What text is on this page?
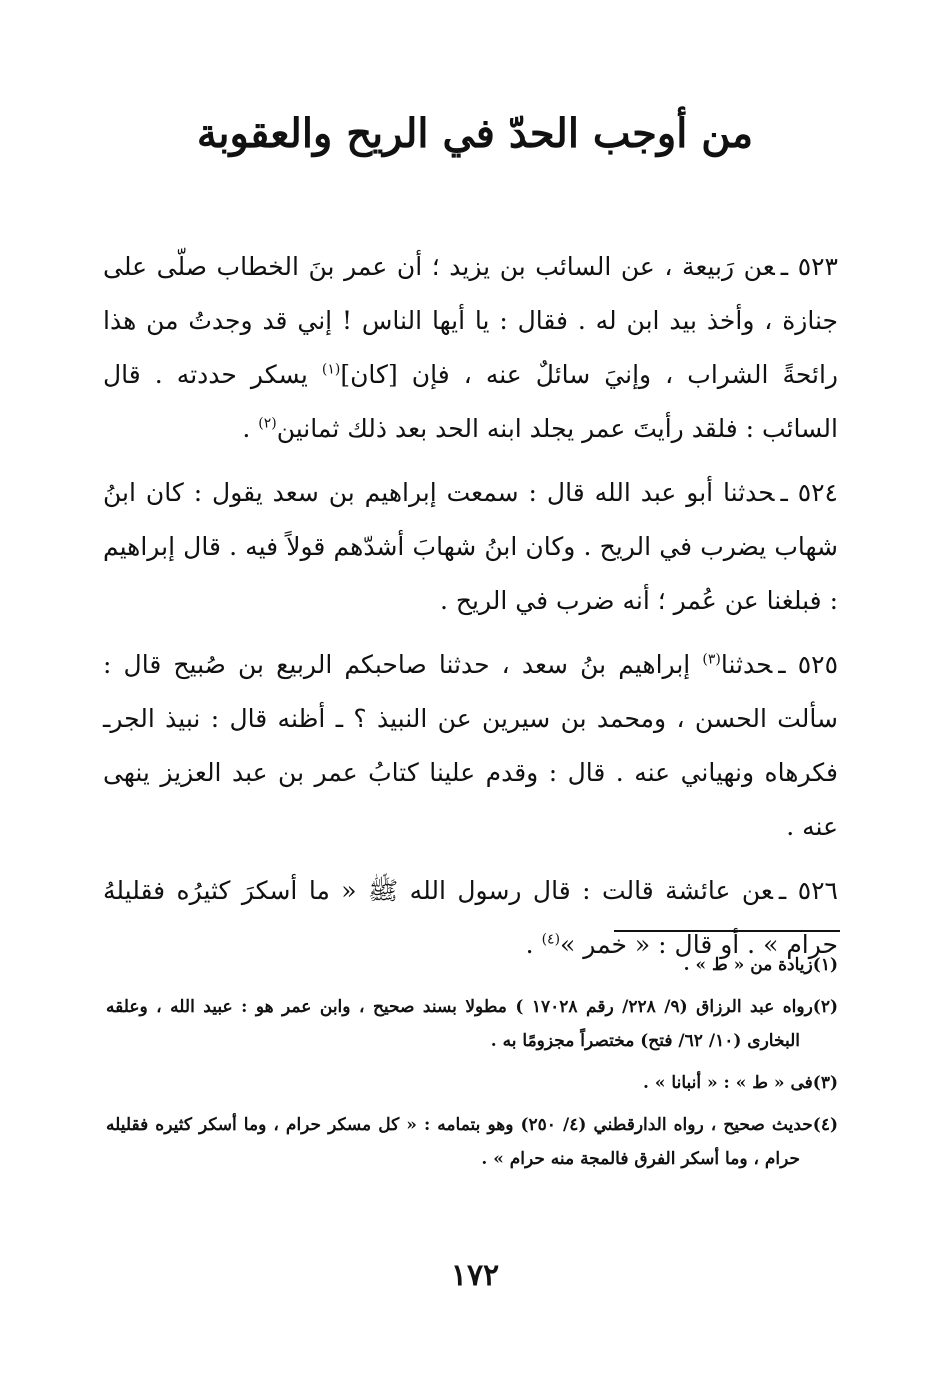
من أوجب الحدّ في الريح والعقوبة

٥٢٣ ـعن رَبيعة ، عن السائب بن يزيد ؛ أن عمر بنَ الخطاب صلّى على جنازة ، وأخذ بيد ابن له . فقال : يا أيها الناس ! إني قد وجدتُ من هذا رائحةً الشراب ، وإنيَ سائلٌ عنه ، فإن [كان]$^{(١)}$ يسكر حددته . قال السائب : فلقد رأيتَ عمر يجلد ابنه الحد بعد ذلك ثمانين$^{(٢)}$ .

٥٢٤ ـحدثنا أبو عبد الله قال : سمعت إبراهيم بن سعد يقول : كان ابنُ شهاب يضرب في الريح . وكان ابنُ شهابَ أشدّهم قولاً فيه . قال إبراهيم : فبلغنا عن عُمر ؛ أنه ضرب في الريح .

٥٢٥ ـحدثنا$^{(٣)}$ إبراهيم بنُ سعد ، حدثنا صاحبكم الربيع بن صُبيح قال : سألت الحسن ، ومحمد بن سيرين عن النبيذ ؟ ـ أظنه قال : نبيذ الجرـ فكرهاه ونهياني عنه . قال : وقدم علينا كتابُ عمر بن عبد العزيز ينهى عنه .

٥٢٦ ـعن عائشة قالت : قال رسول الله ﷺ « ما أسكرَ كثيرُه فقليلهُ حرام » . أو قال : « خمر »$^{(٤)}$ .

(١)زيادة من « ط » .

(٢)رواه عبد الرزاق (٩/ ٢٢٨/ رقم ١٧٠٢٨ ) مطولا بسند صحيح ، وابن عمر هو : عبيد الله ، وعلقه البخارى (١٠/ ٦٢/ فتح) مختصراً مجزومًا به .

(٣)فى « ط » : « أنبانا » .

(٤)حديث صحيح ، رواه الدارقطني (٤/ ٢٥٠) وهو بتمامه : « كل مسكر حرام ، وما أسكر كثيره فقليله حرام ، وما أسكر الفرق فالمجة منه حرام » .

١٧٢
